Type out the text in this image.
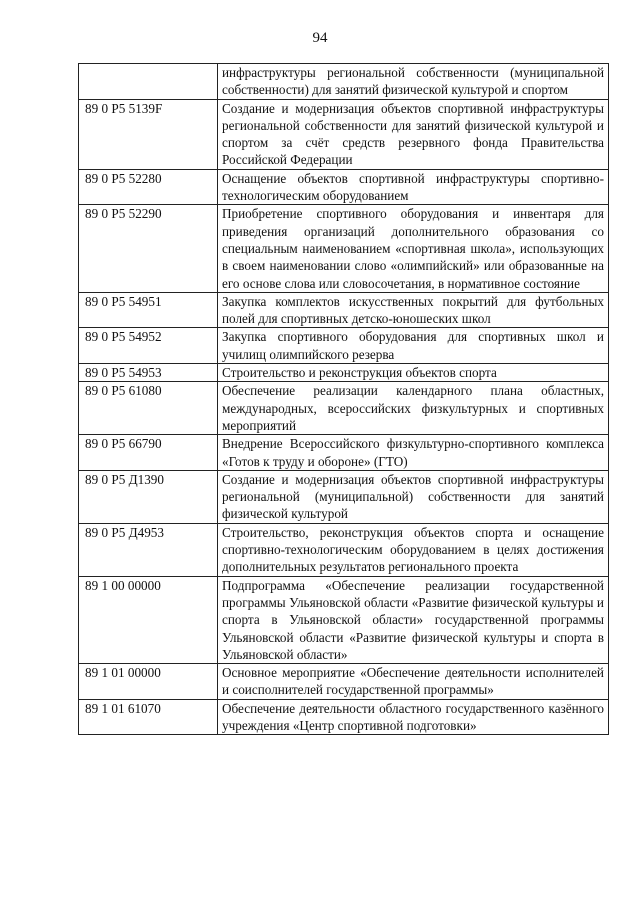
94
	инфраструктуры региональной собственности (муниципальной собственности) для занятий физической культурой и спортом
89 0 P5 5139F	Создание и модернизация объектов спортивной инфраструктуры региональной собственности для занятий физической культурой и спортом за счёт средств резервного фонда Правительства Российской Федерации
89 0 P5 52280	Оснащение объектов спортивной инфраструктуры спортивно-технологическим оборудованием
89 0 P5 52290	Приобретение спортивного оборудования и инвентаря для приведения организаций дополнительного образования со специальным наименованием «спортивная школа», использующих в своем наименовании слово «олимпийский» или образованные на его основе слова или словосочетания, в нормативное состояние
89 0 P5 54951	Закупка комплектов искусственных покрытий для футбольных полей для спортивных детско-юношеских школ
89 0 P5 54952	Закупка спортивного оборудования для спортивных школ и училищ олимпийского резерва
89 0 P5 54953	Строительство и реконструкция объектов спорта
89 0 P5 61080	Обеспечение реализации календарного плана областных, международных, всероссийских физкультурных и спортивных мероприятий
89 0 P5 66790	Внедрение Всероссийского физкультурно-спортивного комплекса «Готов к труду и обороне» (ГТО)
89 0 P5 Д1390	Создание и модернизация объектов спортивной инфраструктуры региональной (муниципальной) собственности для занятий физической культурой
89 0 P5 Д4953	Строительство, реконструкция объектов спорта и оснащение спортивно-технологическим оборудованием в целях достижения дополнительных результатов регионального проекта
89 1 00 00000	Подпрограмма «Обеспечение реализации государственной программы Ульяновской области «Развитие физической культуры и спорта в Ульяновской области» государственной программы Ульяновской области «Развитие физической культуры и спорта в Ульяновской области»
89 1 01 00000	Основное мероприятие «Обеспечение деятельности исполнителей и соисполнителей государственной программы»
89 1 01 61070	Обеспечение деятельности областного государственного казённого учреждения «Центр спортивной подготовки»
